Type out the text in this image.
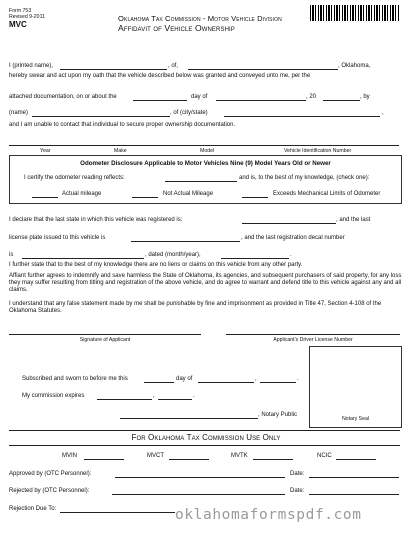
Form 753
Revised 9-2011
MVC
Oklahoma Tax Commission - Motor Vehicle Division
Affidavit of Vehicle Ownership
I (printed name),	, of,	, Oklahoma,
hereby swear and act upon my oath that the vehicle described below was granted and conveyed unto me, per the
attached documentation, on or about the	day of	, 20	, by
(name)	, of (city/state)	,
and I am unable to contact that individual to secure proper ownership documentation.
Year	Make	Model	Vehicle Identification Number
Odometer Disclosure Applicable to Motor Vehicles Nine (9) Model Years Old or Newer
I certify the odometer reading reflects:	and is, to the best of my knowledge, (check one):
Actual mileage	Not Actual Mileage	Exceeds Mechanical Limits of Odometer
I declare that the last state in which this vehicle was registered is:	, and the last
license plate issued to this vehicle is	, and the last registration decal number
is	, dated (month/year),	.
I further state that to the best of my knowledge there are no liens or claims on this vehicle from any other party.
Affiant further agrees to indemnify and save harmless the State of Oklahoma, its agencies, and subsequent purchasers of said property, for any loss they may suffer resulting from titling and registration of the above vehicle, and do agree to warrant and defend title to this vehicle against any and all claims.
I understand that any false statement made by me shall be punishable by fine and imprisonment as provided in Title 47, Section 4-108 of the Oklahoma Statutes.
Signature of Applicant	Applicant's Driver License Number
Notary Seal
Subscribed and sworn to before me this	day of	,	.
My commission expires	,	.
, Notary Public
For Oklahoma Tax Commission Use Only
MVIN	MVCT	MVTK	NCIC
Approved by (OTC Personnel):	Date:
Rejected by (OTC Personnel):	Date:
Rejection Due To:	oklahomaformspdf.com
